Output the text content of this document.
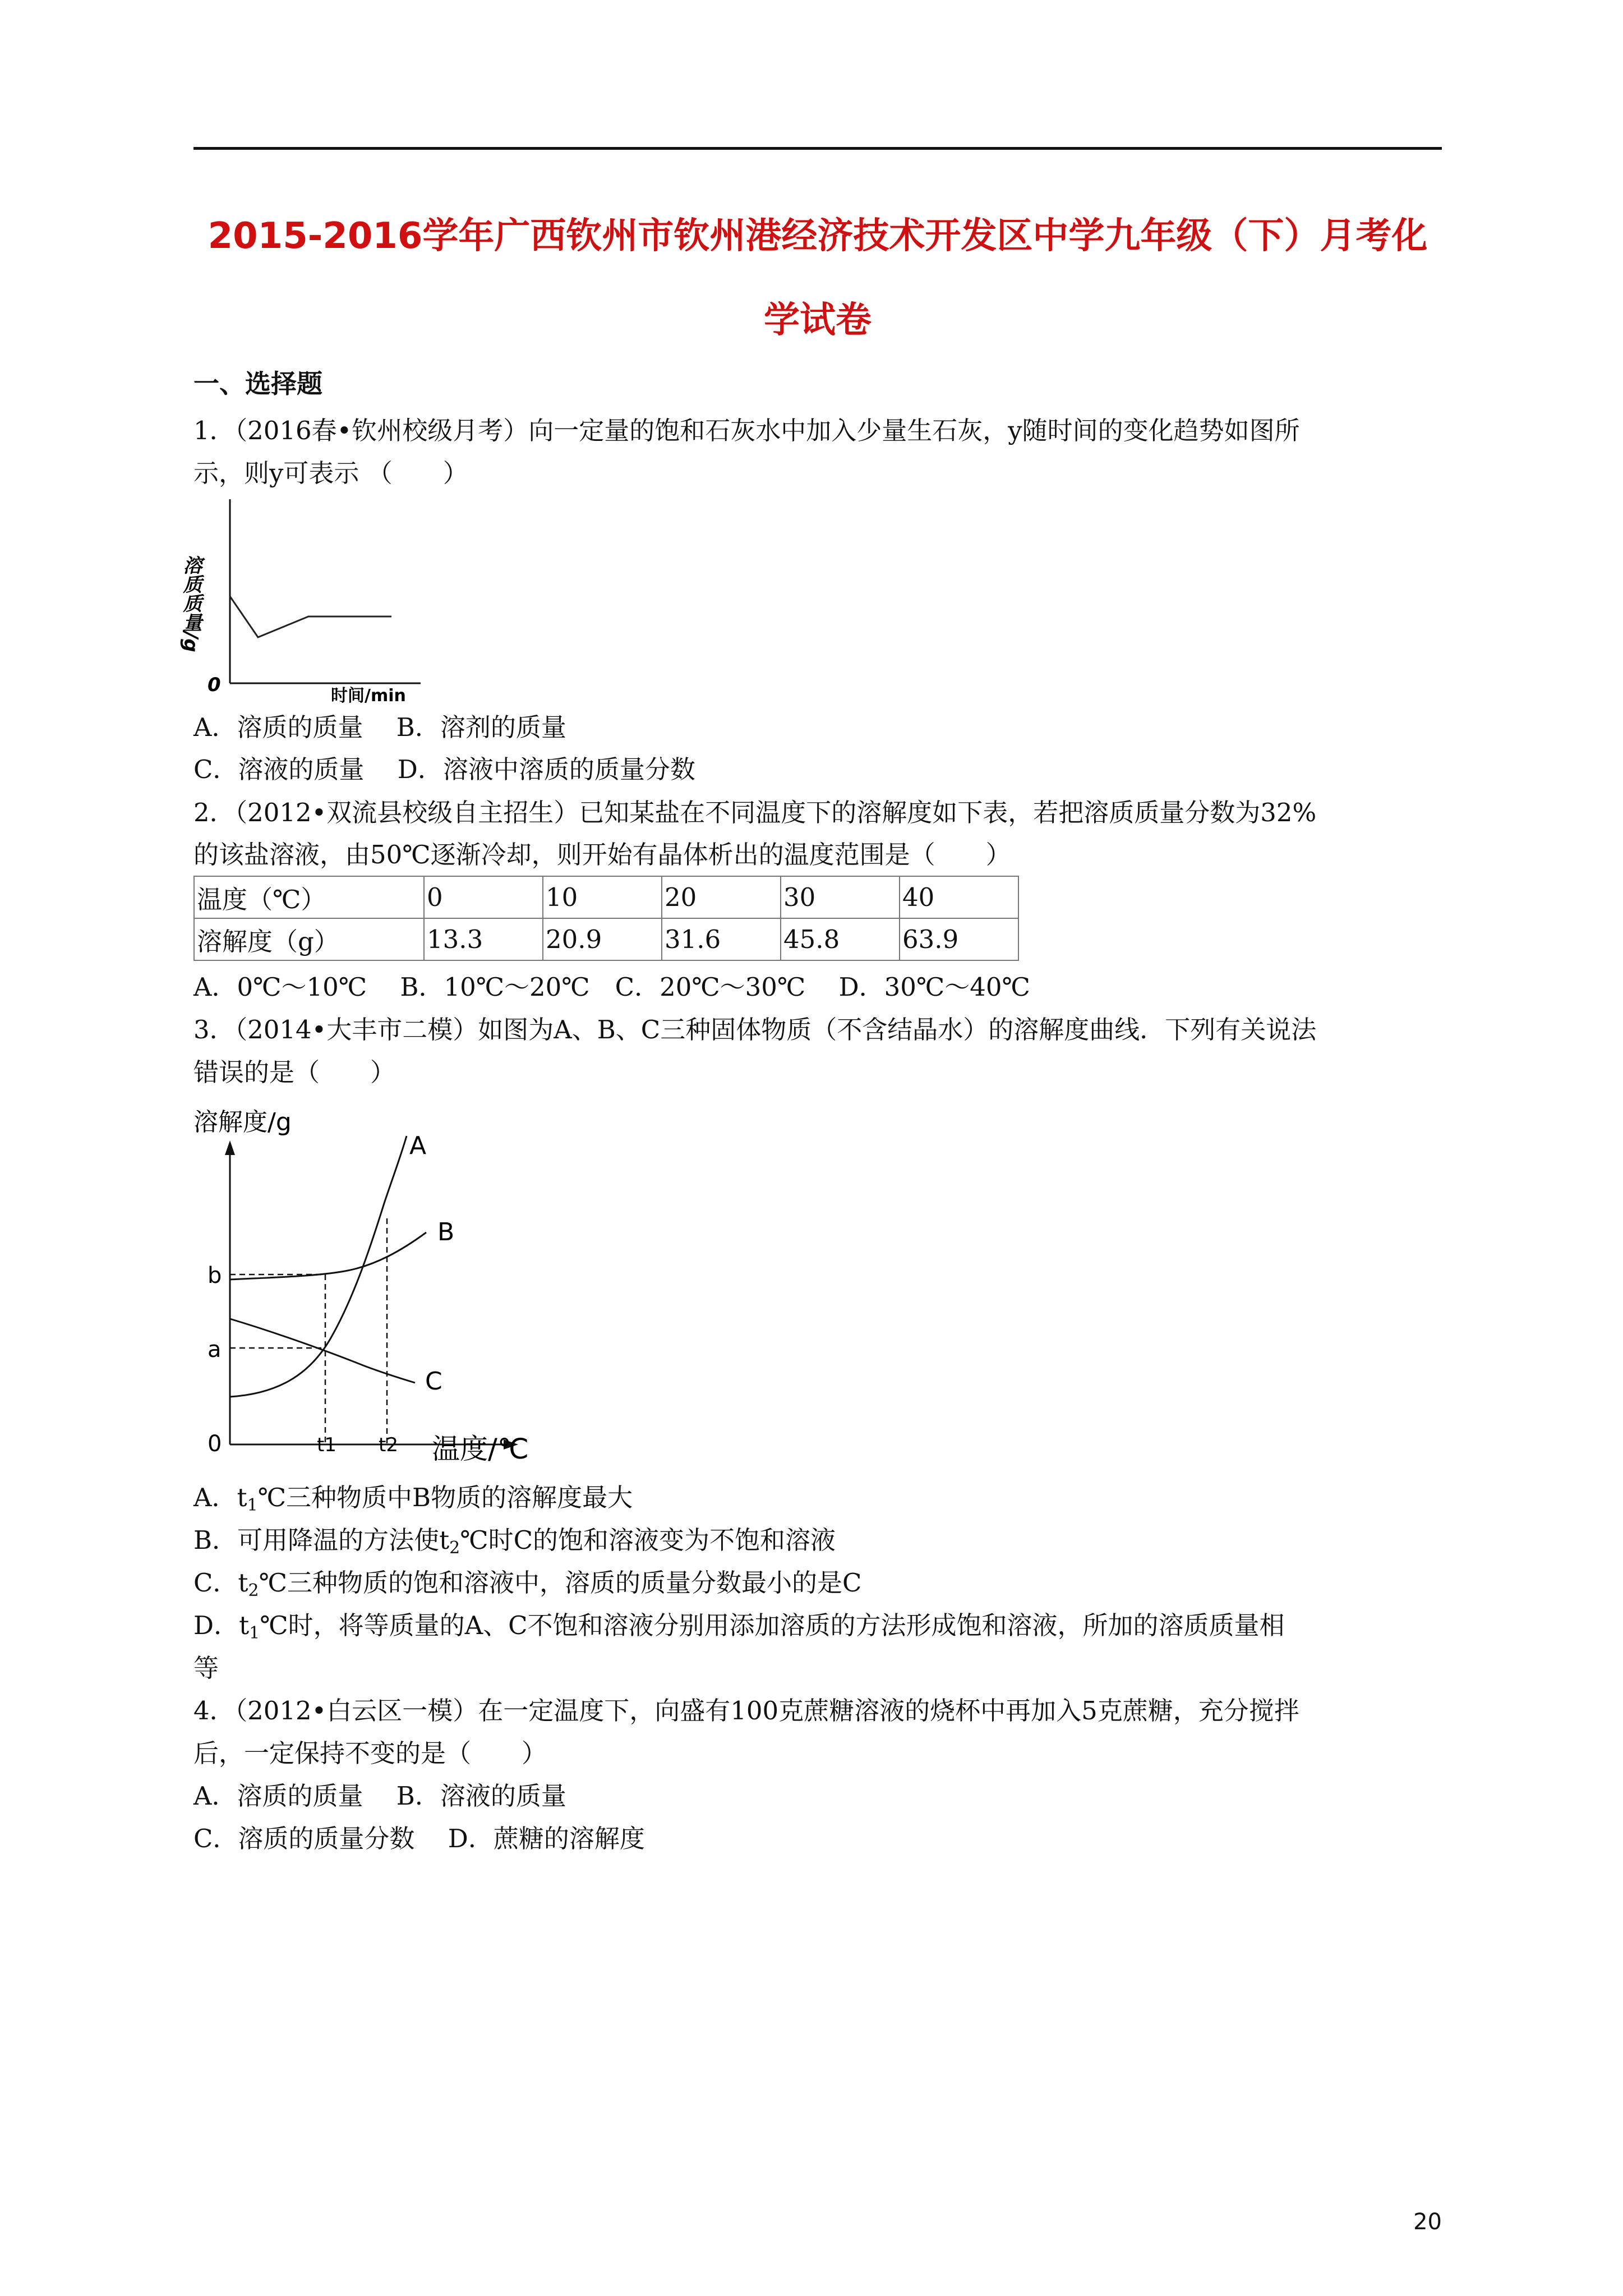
2015-2016学年广西钦州市钦州港经济技术开发区中学九年级（下）月考化
学试卷
一、选择题
1．（2016春•钦州校级月考）向一定量的饱和石灰水中加入少量生石灰，y随时间的变化趋势如图所
示，则y可表示 （　　）
溶质质量/g
0	时间/min
A．溶质的质量　 B．溶剂的质量
C．溶液的质量　 D．溶液中溶质的质量分数
2．（2012•双流县校级自主招生）已知某盐在不同温度下的溶解度如下表，若把溶质质量分数为32%
的该盐溶液，由50℃逐渐冷却，则开始有晶体析出的温度范围是（　　）
温度（℃）	0	10	20	30	40
溶解度（g）	13.3	20.9	31.6	45.8	63.9
A．0℃～10℃　 B．10℃～20℃　C．20℃～30℃　 D．30℃～40℃
3．（2014•大丰市二模）如图为A、B、C三种固体物质（不含结晶水）的溶解度曲线．下列有关说法
错误的是（　　）
溶解度/g
b
a
0	t1 t2 温度/℃
A
B
C
A．$t_1℃$三种物质中B物质的溶解度最大
B．可用降温的方法使$t_2℃$时C的饱和溶液变为不饱和溶液
C．$t_2℃$三种物质的饱和溶液中，溶质的质量分数最小的是C
D．$t_1℃$时，将等质量的A、C不饱和溶液分别用添加溶质的方法形成饱和溶液，所加的溶质质量相
等
4．（2012•白云区一模）在一定温度下，向盛有100克蔗糖溶液的烧杯中再加入5克蔗糖，充分搅拌
后，一定保持不变的是（　　）
A．溶质的质量　 B．溶液的质量
C．溶质的质量分数　 D．蔗糖的溶解度
20
